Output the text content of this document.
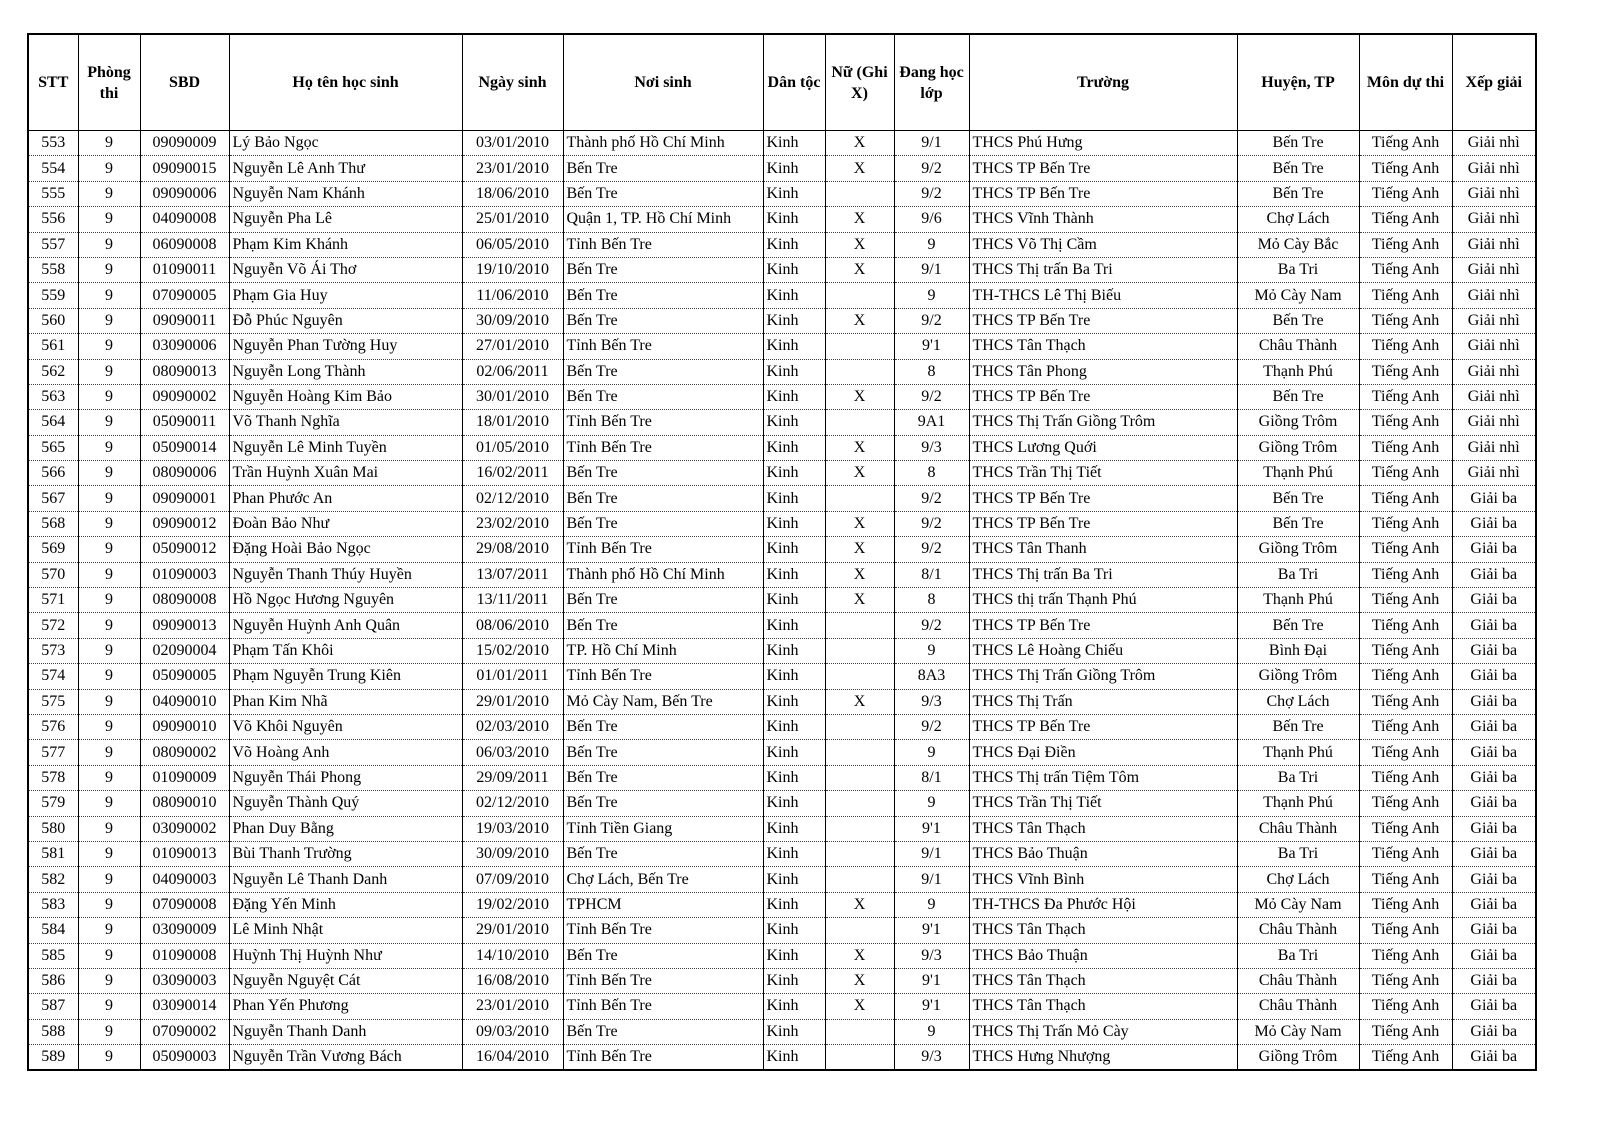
STT	Phòng thi	SBD	Họ tên học sinh	Ngày sinh	Nơi sinh	Dân tộc	Nữ (Ghi X)	Đang học lớp	Trường	Huyện, TP	Môn dự thi	Xếp giải
553	9	09090009	Lý Bảo Ngọc	03/01/2010	Thành phố Hồ Chí Minh	Kinh	X	9/1	THCS Phú Hưng	Bến Tre	Tiếng Anh	Giải nhì
554	9	09090015	Nguyễn Lê Anh Thư	23/01/2010	Bến Tre	Kinh	X	9/2	THCS TP Bến Tre	Bến Tre	Tiếng Anh	Giải nhì
555	9	09090006	Nguyễn Nam Khánh	18/06/2010	Bến Tre	Kinh		9/2	THCS TP Bến Tre	Bến Tre	Tiếng Anh	Giải nhì
556	9	04090008	Nguyễn Pha Lê	25/01/2010	Quận 1, TP. Hồ Chí Minh	Kinh	X	9/6	THCS Vĩnh Thành	Chợ Lách	Tiếng Anh	Giải nhì
557	9	06090008	Phạm Kim Khánh	06/05/2010	Tỉnh Bến Tre	Kinh	X	9	THCS Võ Thị Cầm	Mỏ Cày Bắc	Tiếng Anh	Giải nhì
558	9	01090011	Nguyễn Võ Ái Thơ	19/10/2010	Bến Tre	Kinh	X	9/1	THCS Thị trấn Ba Tri	Ba Tri	Tiếng Anh	Giải nhì
559	9	07090005	Phạm Gia Huy	11/06/2010	Bến Tre	Kinh		9	TH-THCS Lê Thị Biếu	Mỏ Cày Nam	Tiếng Anh	Giải nhì
560	9	09090011	Đỗ Phúc Nguyên	30/09/2010	Bến Tre	Kinh	X	9/2	THCS TP Bến Tre	Bến Tre	Tiếng Anh	Giải nhì
561	9	03090006	Nguyễn Phan Tường Huy	27/01/2010	Tỉnh Bến Tre	Kinh		9'1	THCS Tân Thạch	Châu Thành	Tiếng Anh	Giải nhì
562	9	08090013	Nguyễn Long Thành	02/06/2011	Bến Tre	Kinh		8	THCS Tân Phong	Thạnh Phú	Tiếng Anh	Giải nhì
563	9	09090002	Nguyễn Hoàng Kim Bảo	30/01/2010	Bến Tre	Kinh	X	9/2	THCS TP Bến Tre	Bến Tre	Tiếng Anh	Giải nhì
564	9	05090011	Võ Thanh Nghĩa	18/01/2010	Tỉnh Bến Tre	Kinh		9A1	THCS Thị Trấn Giồng Trôm	Giồng Trôm	Tiếng Anh	Giải nhì
565	9	05090014	Nguyễn Lê Minh Tuyền	01/05/2010	Tỉnh Bến Tre	Kinh	X	9/3	THCS Lương Quới	Giồng Trôm	Tiếng Anh	Giải nhì
566	9	08090006	Trần Huỳnh Xuân Mai	16/02/2011	Bến Tre	Kinh	X	8	THCS Trần Thị Tiết	Thạnh Phú	Tiếng Anh	Giải nhì
567	9	09090001	Phan Phước An	02/12/2010	Bến Tre	Kinh		9/2	THCS TP Bến Tre	Bến Tre	Tiếng Anh	Giải ba
568	9	09090012	Đoàn Bảo Như	23/02/2010	Bến Tre	Kinh	X	9/2	THCS TP Bến Tre	Bến Tre	Tiếng Anh	Giải ba
569	9	05090012	Đặng Hoài Bảo Ngọc	29/08/2010	Tỉnh Bến Tre	Kinh	X	9/2	THCS Tân Thanh	Giồng Trôm	Tiếng Anh	Giải ba
570	9	01090003	Nguyễn Thanh Thúy Huyền	13/07/2011	Thành phố Hồ Chí Minh	Kinh	X	8/1	THCS Thị trấn Ba Tri	Ba Tri	Tiếng Anh	Giải ba
571	9	08090008	Hồ Ngọc Hương Nguyên	13/11/2011	Bến Tre	Kinh	X	8	THCS thị trấn Thạnh Phú	Thạnh Phú	Tiếng Anh	Giải ba
572	9	09090013	Nguyễn Huỳnh Anh Quân	08/06/2010	Bến Tre	Kinh		9/2	THCS TP Bến Tre	Bến Tre	Tiếng Anh	Giải ba
573	9	02090004	Phạm Tấn Khôi	15/02/2010	TP. Hồ Chí Minh	Kinh		9	THCS Lê Hoàng Chiếu	Bình Đại	Tiếng Anh	Giải ba
574	9	05090005	Phạm Nguyễn Trung Kiên	01/01/2011	Tỉnh Bến Tre	Kinh		8A3	THCS Thị Trấn Giồng Trôm	Giồng Trôm	Tiếng Anh	Giải ba
575	9	04090010	Phan Kim Nhã	29/01/2010	Mỏ Cày Nam, Bến Tre	Kinh	X	9/3	THCS Thị Trấn	Chợ Lách	Tiếng Anh	Giải ba
576	9	09090010	Võ Khôi Nguyên	02/03/2010	Bến Tre	Kinh		9/2	THCS TP Bến Tre	Bến Tre	Tiếng Anh	Giải ba
577	9	08090002	Võ Hoàng Anh	06/03/2010	Bến Tre	Kinh		9	THCS Đại Điền	Thạnh Phú	Tiếng Anh	Giải ba
578	9	01090009	Nguyễn Thái Phong	29/09/2011	Bến Tre	Kinh		8/1	THCS Thị trấn Tiệm Tôm	Ba Tri	Tiếng Anh	Giải ba
579	9	08090010	Nguyễn Thành Quý	02/12/2010	Bến Tre	Kinh		9	THCS Trần Thị Tiết	Thạnh Phú	Tiếng Anh	Giải ba
580	9	03090002	Phan Duy Bằng	19/03/2010	Tỉnh Tiền Giang	Kinh		9'1	THCS Tân Thạch	Châu Thành	Tiếng Anh	Giải ba
581	9	01090013	Bùi Thanh Trường	30/09/2010	Bến Tre	Kinh		9/1	THCS Bảo Thuận	Ba Tri	Tiếng Anh	Giải ba
582	9	04090003	Nguyễn Lê Thanh Danh	07/09/2010	Chợ Lách, Bến Tre	Kinh		9/1	THCS Vĩnh Bình	Chợ Lách	Tiếng Anh	Giải ba
583	9	07090008	Đặng Yến Minh	19/02/2010	TPHCM	Kinh	X	9	TH-THCS Đa Phước Hội	Mỏ Cày Nam	Tiếng Anh	Giải ba
584	9	03090009	Lê Minh Nhật	29/01/2010	Tỉnh Bến Tre	Kinh		9'1	THCS Tân Thạch	Châu Thành	Tiếng Anh	Giải ba
585	9	01090008	Huỳnh Thị Huỳnh Như	14/10/2010	Bến Tre	Kinh	X	9/3	THCS Bảo Thuận	Ba Tri	Tiếng Anh	Giải ba
586	9	03090003	Nguyễn Nguyệt Cát	16/08/2010	Tỉnh Bến Tre	Kinh	X	9'1	THCS Tân Thạch	Châu Thành	Tiếng Anh	Giải ba
587	9	03090014	Phan Yến Phương	23/01/2010	Tỉnh Bến Tre	Kinh	X	9'1	THCS Tân Thạch	Châu Thành	Tiếng Anh	Giải ba
588	9	07090002	Nguyễn Thanh Danh	09/03/2010	Bến Tre	Kinh		9	THCS Thị Trấn Mỏ Cày	Mỏ Cày Nam	Tiếng Anh	Giải ba
589	9	05090003	Nguyễn Trần Vương Bách	16/04/2010	Tỉnh Bến Tre	Kinh		9/3	THCS Hưng Nhượng	Giồng Trôm	Tiếng Anh	Giải ba
